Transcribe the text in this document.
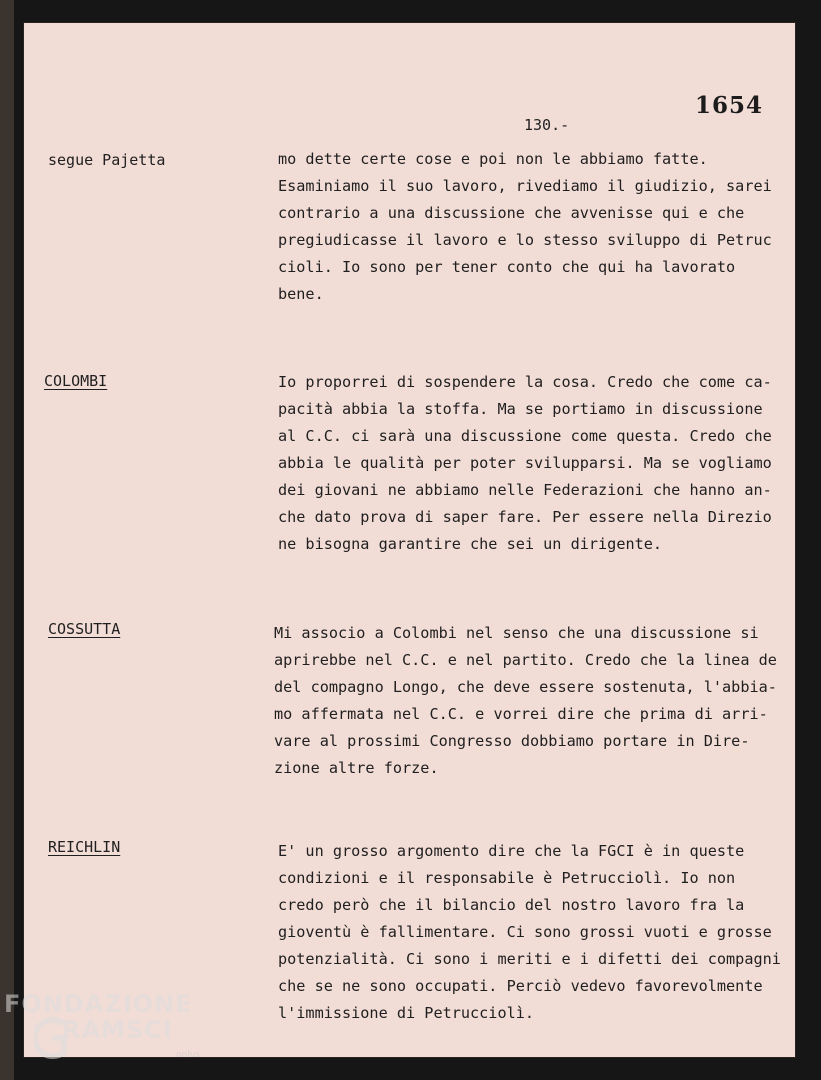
1654
130.-
segue Pajetta	mo dette certe cose e poi non le abbiamo fatte.
Esaminiamo il suo lavoro, rivediamo il giudizio, sarei
contrario a una discussione che avvenisse qui e che
pregiudicasse il lavoro e lo stesso sviluppo di Petruc
cioli. Io sono per tener conto che qui ha lavorato
bene.
COLOMBI	Io proporrei di sospendere la cosa. Credo che come ca-
pacità abbia la stoffa. Ma se portiamo in discussione
al C.C. ci sarà una discussione come questa. Credo che
abbia le qualità per poter svilupparsi. Ma se vogliamo
dei giovani ne abbiamo nelle Federazioni che hanno an-
che dato prova di saper fare. Per essere nella Direzio
ne bisogna garantire che sei un dirigente.
COSSUTTA	Mi associo a Colombi nel senso che una discussione si
aprirebbe nel C.C. e nel partito. Credo che la linea de
del compagno Longo, che deve essere sostenuta, l'abbia-
mo affermata nel C.C. e vorrei dire che prima di arri-
vare al prossimi Congresso dobbiamo portare in Dire-
zione altre forze.
REICHLIN	E' un grosso argomento dire che la FGCI è in queste
condizioni e il responsabile è Petrucciolì. Io non
credo però che il bilancio del nostro lavoro fra la
gioventù è fallimentare. Ci sono grossi vuoti e grosse
potenzialità. Ci sono i meriti e i difetti dei compagni
che se ne sono occupati. Perciò vedevo favorevolmente
l'immissione di Petrucciolì.
FONDAZIONE
RAMSCI
onlus
